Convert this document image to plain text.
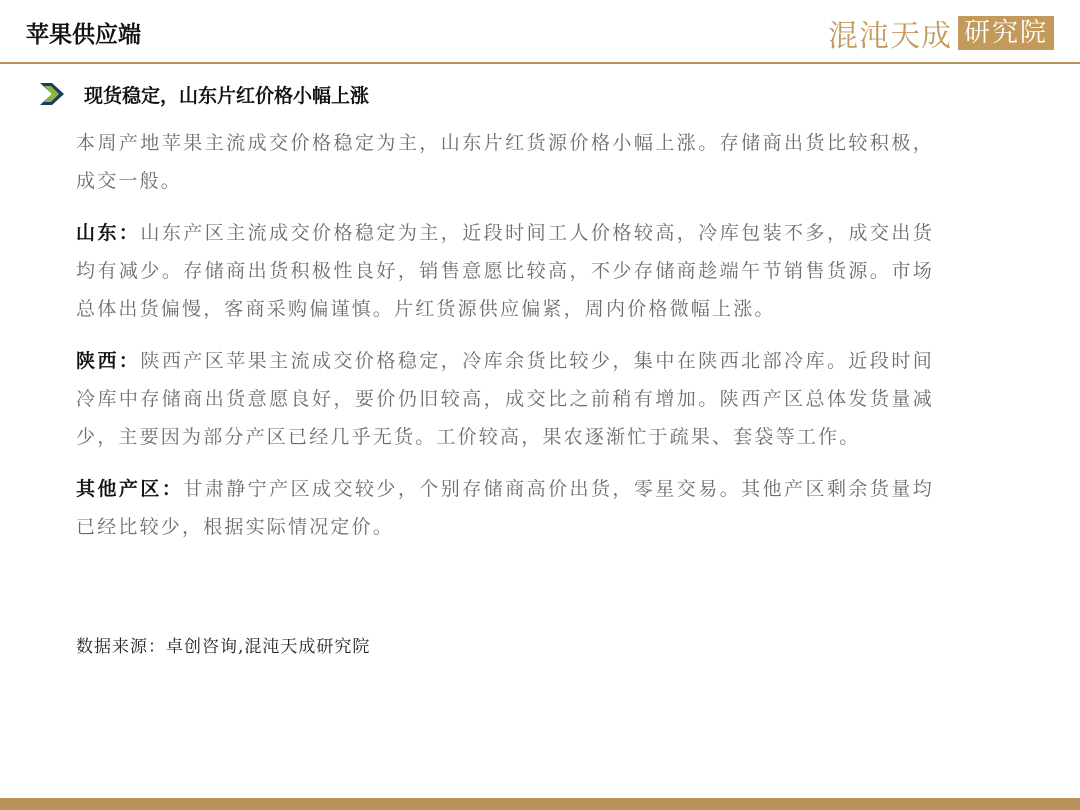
苹果供应端	混沌天成 研究院
现货稳定，山东片红价格小幅上涨

本周产地苹果主流成交价格稳定为主，山东片红货源价格小幅上涨。存储商出货比较积极，成交一般。

山东：山东产区主流成交价格稳定为主，近段时间工人价格较高，冷库包装不多，成交出货均有减少。存储商出货积极性良好，销售意愿比较高，不少存储商趁端午节销售货源。市场总体出货偏慢，客商采购偏谨慎。片红货源供应偏紧，周内价格微幅上涨。

陕西：陕西产区苹果主流成交价格稳定，冷库余货比较少，集中在陕西北部冷库。近段时间冷库中存储商出货意愿良好，要价仍旧较高，成交比之前稍有增加。陕西产区总体发货量减少，主要因为部分产区已经几乎无货。工价较高，果农逐渐忙于疏果、套袋等工作。

其他产区：甘肃静宁产区成交较少，个别存储商高价出货，零星交易。其他产区剩余货量均已经比较少，根据实际情况定价。

数据来源：卓创咨询,混沌天成研究院
